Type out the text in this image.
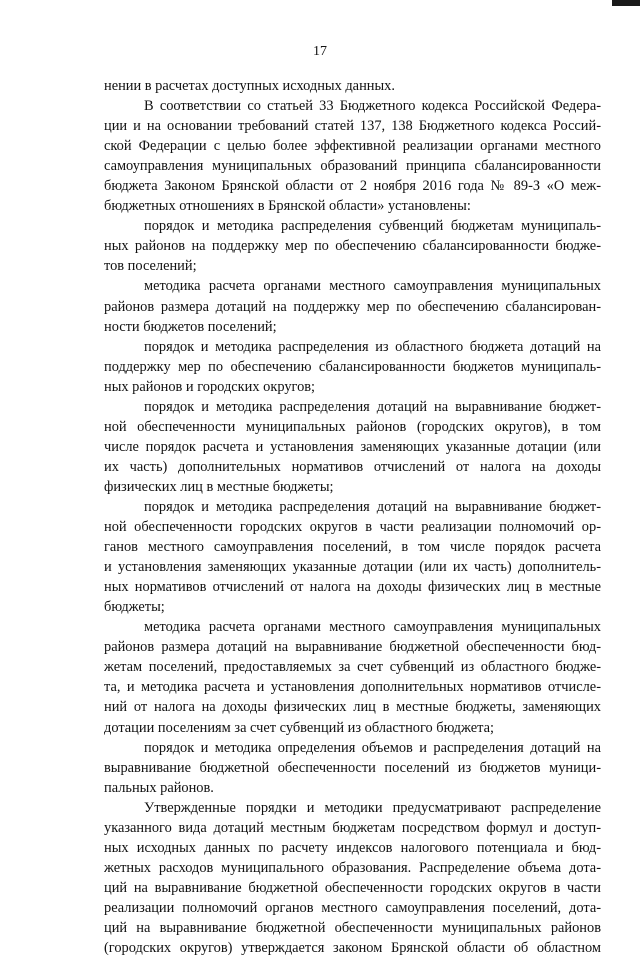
17
нении в расчетах доступных исходных данных.
В соответствии со статьей 33 Бюджетного кодекса Российской Федера-
ции и на основании требований статей 137, 138 Бюджетного кодекса Россий-
ской Федерации с целью более эффективной реализации органами местного
самоуправления муниципальных образований принципа сбалансированности
бюджета Законом Брянской области от 2 ноября 2016 года № 89-З «О меж-
бюджетных отношениях в Брянской области» установлены:
порядок и методика распределения субвенций бюджетам муниципаль-
ных районов на поддержку мер по обеспечению сбалансированности бюдже-
тов поселений;
методика расчета органами местного самоуправления муниципальных
районов размера дотаций на поддержку мер по обеспечению сбалансирован-
ности бюджетов поселений;
порядок и методика распределения из областного бюджета дотаций на
поддержку мер по обеспечению сбалансированности бюджетов муниципаль-
ных районов и городских округов;
порядок и методика распределения дотаций на выравнивание бюджет-
ной обеспеченности муниципальных районов (городских округов), в том
числе порядок расчета и установления заменяющих указанные дотации (или
их часть) дополнительных нормативов отчислений от налога на доходы
физических лиц в местные бюджеты;
порядок и методика распределения дотаций на выравнивание бюджет-
ной обеспеченности городских округов в части реализации полномочий ор-
ганов местного самоуправления поселений, в том числе порядок расчета
и установления заменяющих указанные дотации (или их часть) дополнитель-
ных нормативов отчислений от налога на доходы физических лиц в местные
бюджеты;
методика расчета органами местного самоуправления муниципальных
районов размера дотаций на выравнивание бюджетной обеспеченности бюд-
жетам поселений, предоставляемых за счет субвенций из областного бюдже-
та, и методика расчета и установления дополнительных нормативов отчисле-
ний от налога на доходы физических лиц в местные бюджеты, заменяющих
дотации поселениям за счет субвенций из областного бюджета;
порядок и методика определения объемов и распределения дотаций на
выравнивание бюджетной обеспеченности поселений из бюджетов муници-
пальных районов.
Утвержденные порядки и методики предусматривают распределение
указанного вида дотаций местным бюджетам посредством формул и доступ-
ных исходных данных по расчету индексов налогового потенциала и бюд-
жетных расходов муниципального образования. Распределение объема дота-
ций на выравнивание бюджетной обеспеченности городских округов в части
реализации полномочий органов местного самоуправления поселений, дота-
ций на выравнивание бюджетной обеспеченности муниципальных районов
(городских округов) утверждается законом Брянской области об областном
